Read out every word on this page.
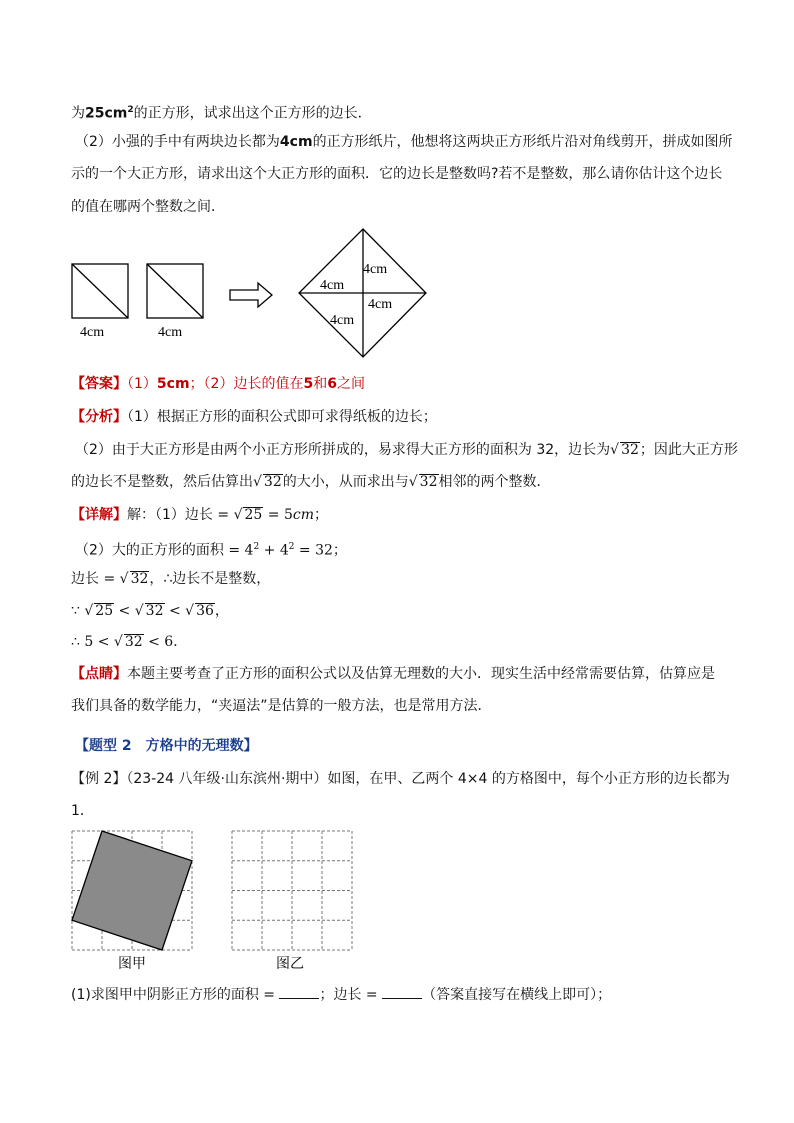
为$25cm^2$的正方形，试求出这个正方形的边长．
（2）小强的手中有两块边长都为4cm的正方形纸片，他想将这两块正方形纸片沿对角线剪开，拼成如图所
示的一个大正方形，请求出这个大正方形的面积．它的边长是整数吗?若不是整数，那么请你估计这个边长
的值在哪两个整数之间．
4cm	4cm
4cm
4cm
4cm
4cm
【答案】（1）5cm；（2）边长的值在5和6之间
【分析】（1）根据正方形的面积公式即可求得纸板的边长；
（2）由于大正方形是由两个小正方形所拼成的，易求得大正方形的面积为 32，边长为√ 32；因此大正方形
的边长不是整数，然后估算出√ 32的大小，从而求出与√ 32相邻的两个整数．
【详解】解：（1）边长 = √ 25 = 5cm；
（2）大的正方形的面积 = $4^2 + 4^2 = 32$；
边长 = √ 32，∴边长不是整数，
∵ √ 25 < √ 32 < √ 36，
∴ 5 < √ 32 < 6．
【点睛】本题主要考查了正方形的面积公式以及估算无理数的大小．现实生活中经常需要估算，估算应是
我们具备的数学能力，“夹逼法”是估算的一般方法，也是常用方法．
【题型 2　方格中的无理数】
【例 2】（23-24 八年级·山东滨州·期中）如图，在甲、乙两个 4×4 的方格图中，每个小正方形的边长都为
1．
图甲	图乙
(1)求图甲中阴影正方形的面积 =	；边长 =	（答案直接写在横线上即可）；
